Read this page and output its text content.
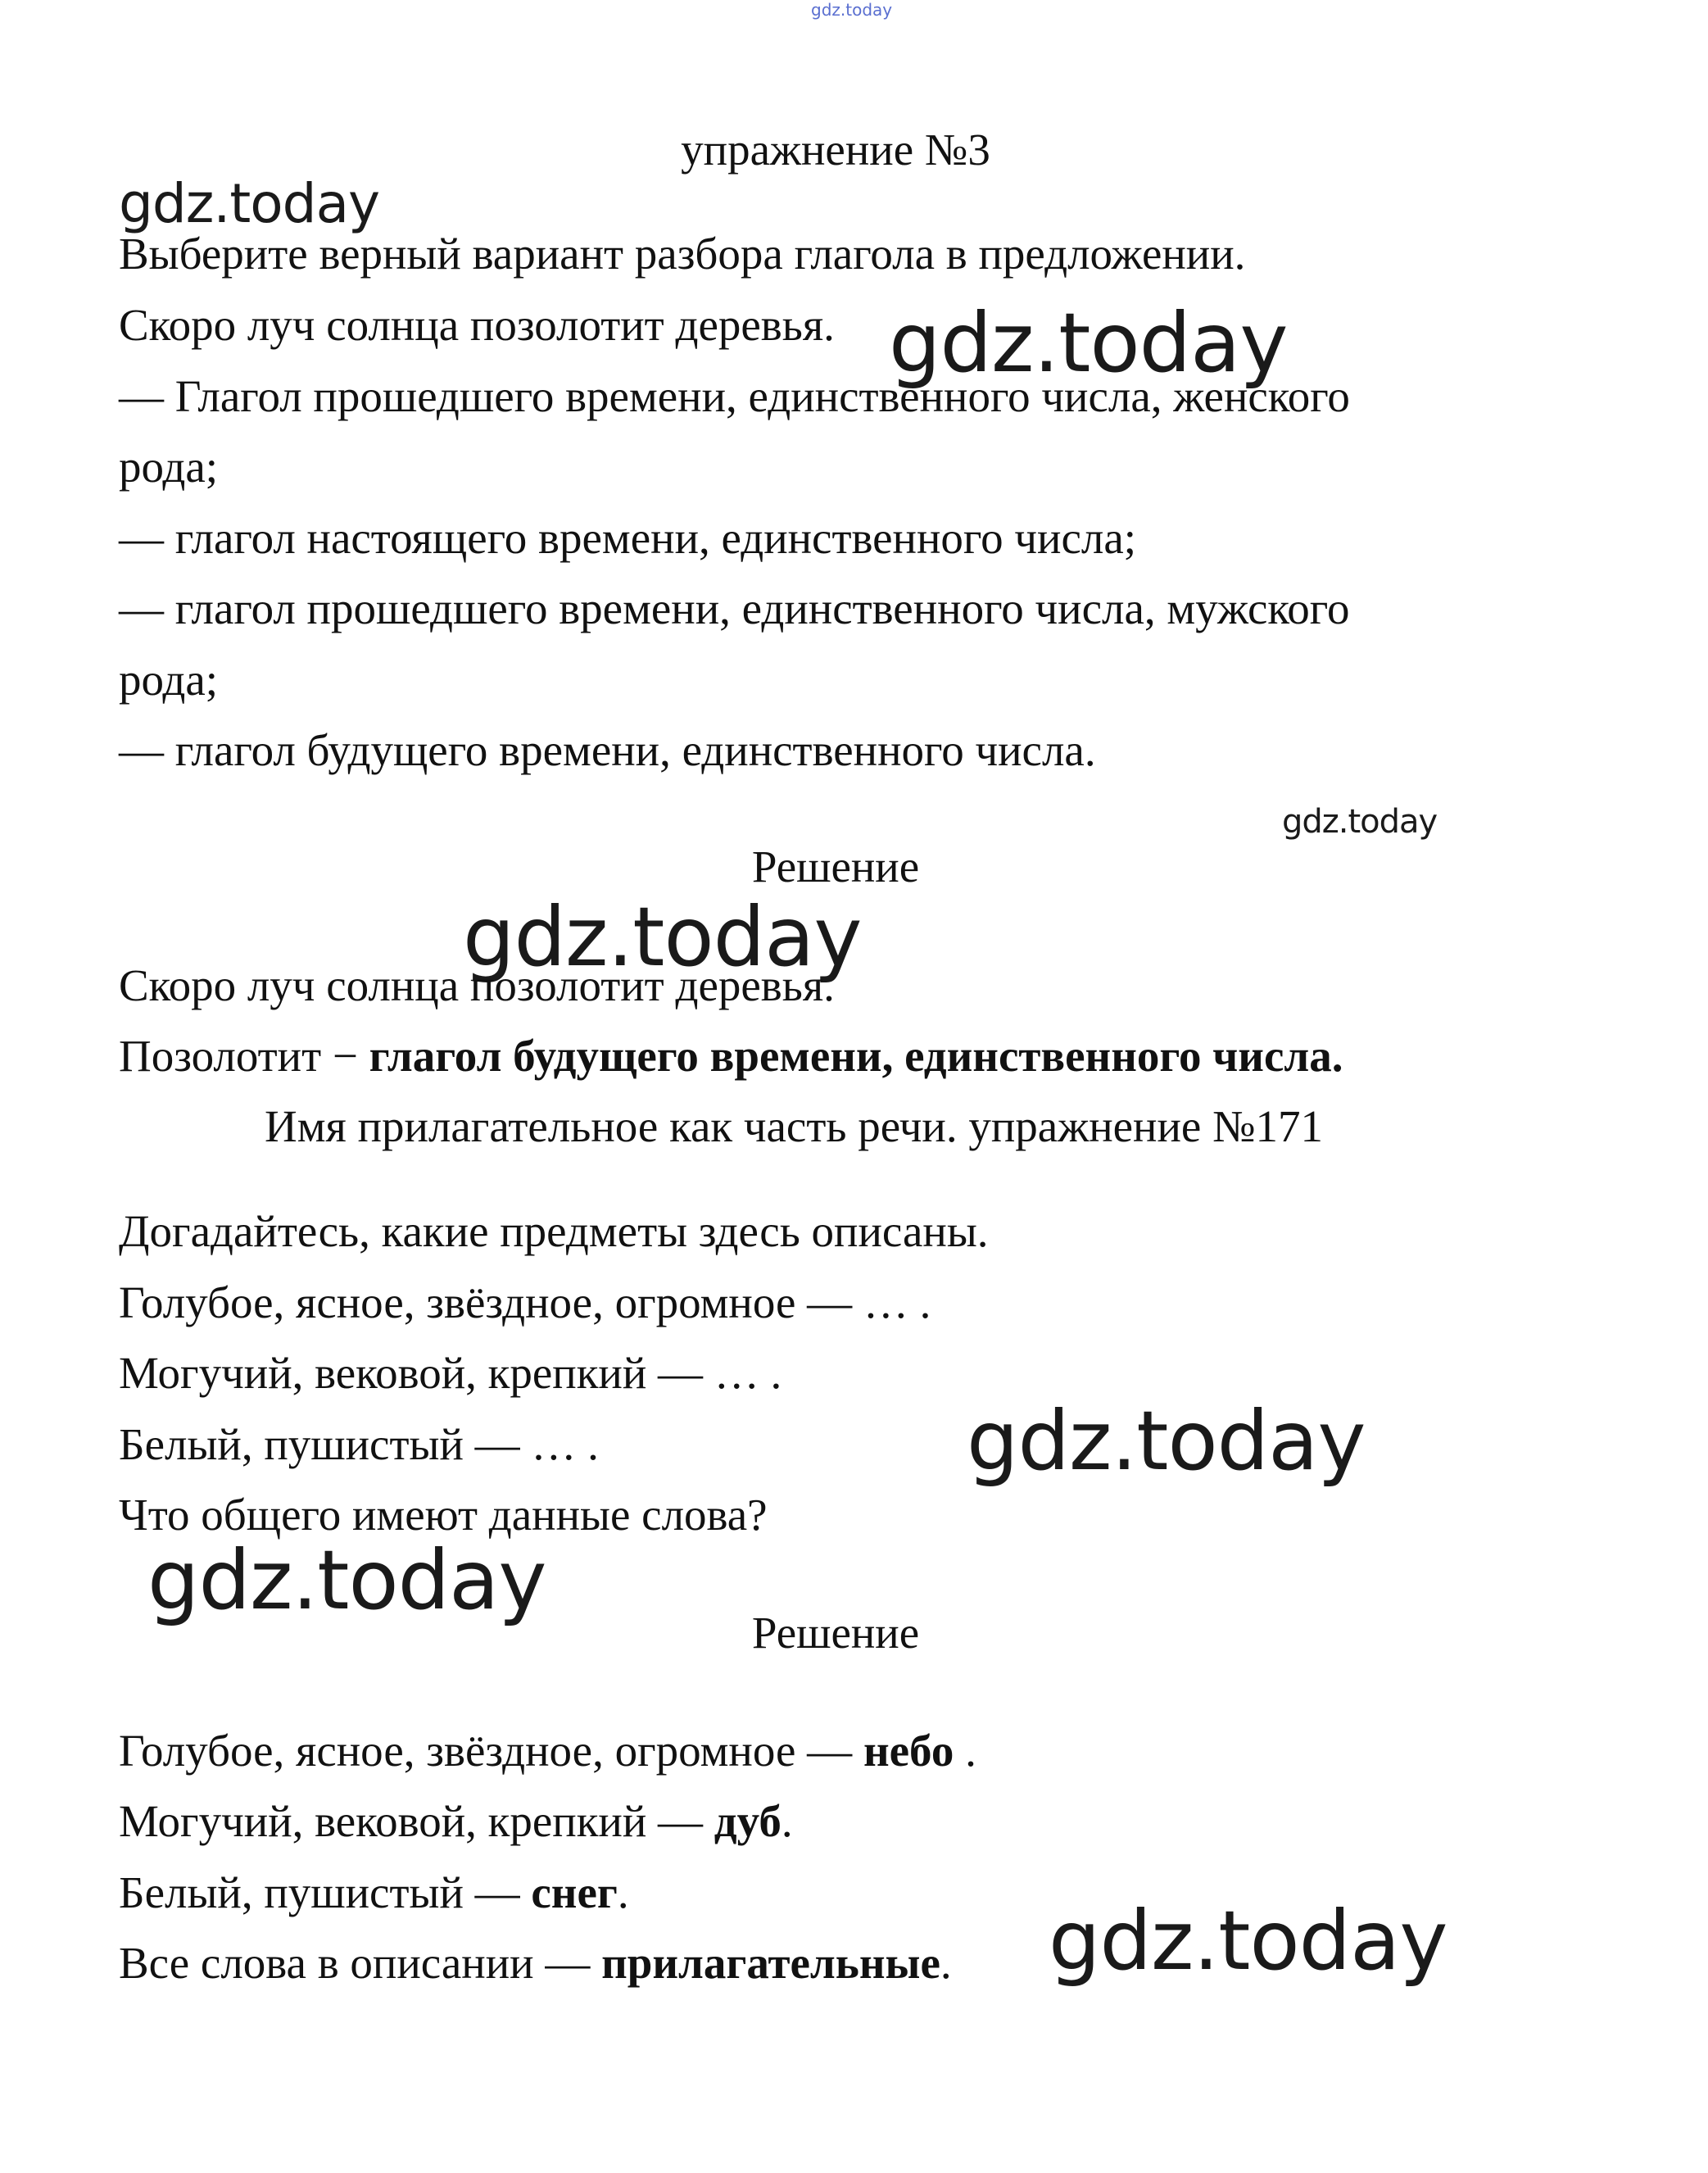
gdz.today
упражнение №3
gdz.today
Выберите верный вариант разбора глагола в предложении.
Скоро луч солнца позолотит деревья. gdz.today
— Глагол прошедшего времени, единственного числа, женского
рода;
— глагол настоящего времени, единственного числа;
— глагол прошедшего времени, единственного числа, мужского
рода;
— глагол будущего времени, единственного числа.
gdz.today
Решение
gdz.today
Скоро луч солнца позолотит деревья.
Позолотит − глагол будущего времени, единственного числа.
Имя прилагательное как часть речи. упражнение №171
Догадайтесь, какие предметы здесь описаны.
Голубое, ясное, звёздное, огромное — … .
Могучий, вековой, крепкий — … .
Белый, пушистый — … .	gdz.today
Что общего имеют данные слова?
gdz.today
Решение
Голубое, ясное, звёздное, огромное — небо .
Могучий, вековой, крепкий — дуб.
Белый, пушистый — снег.
Все слова в описании — прилагательные. gdz.today
